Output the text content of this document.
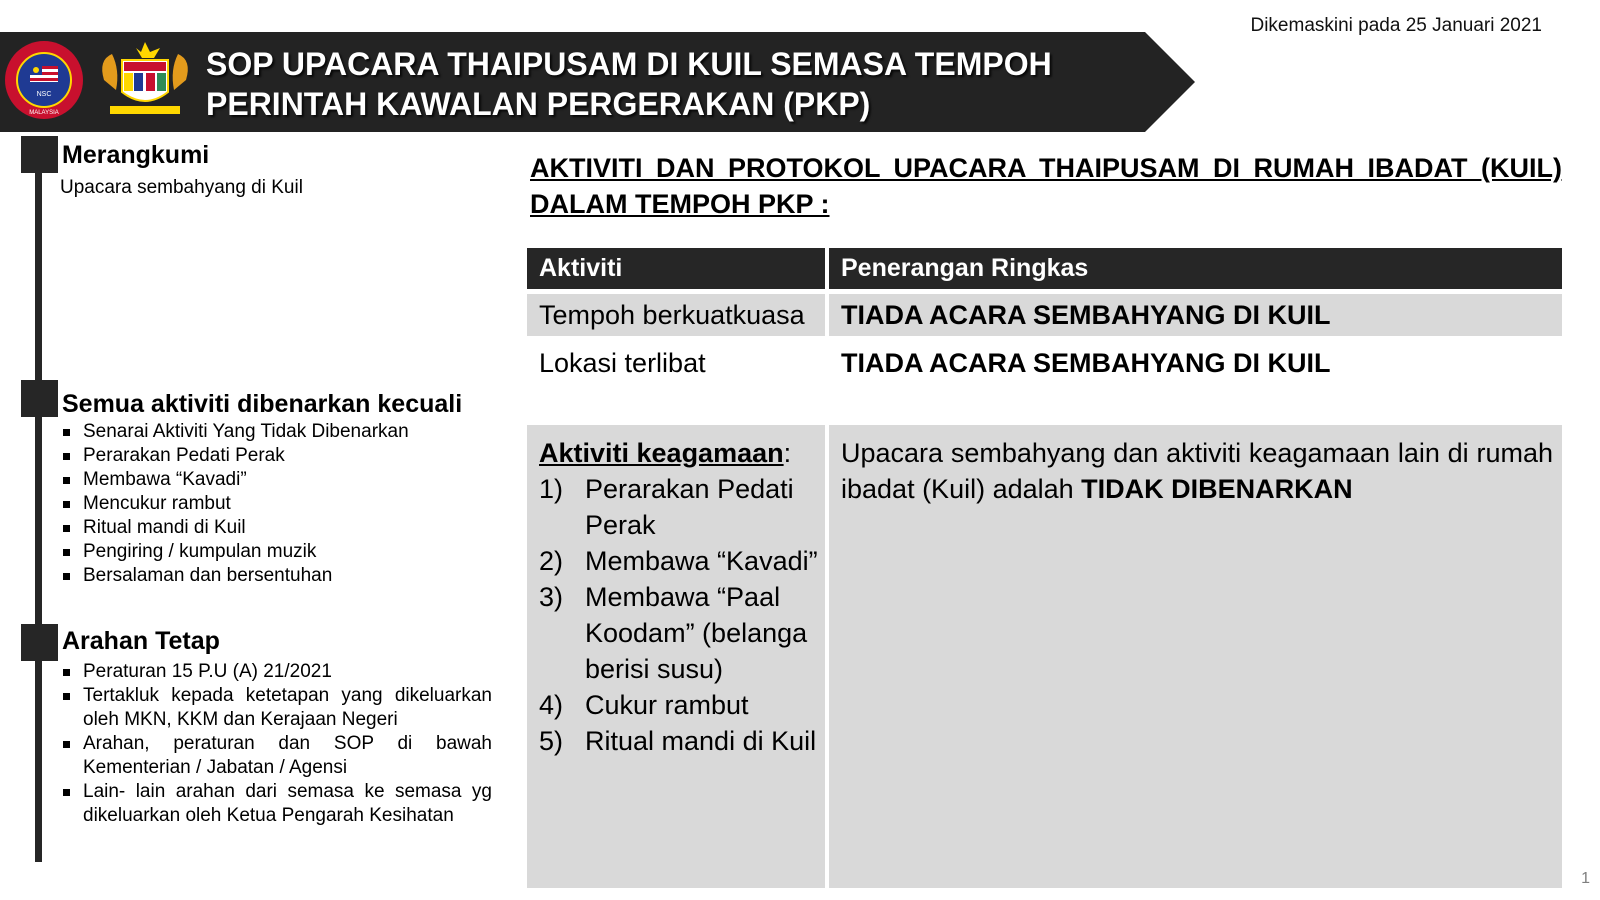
Dikemaskini pada 25 Januari 2021
NSC
MALAYSIA
SOP UPACARA THAIPUSAM DI KUIL SEMASA TEMPOH
PERINTAH KAWALAN PERGERAKAN (PKP)
Merangkumi
Upacara sembahyang di Kuil
Semua aktiviti dibenarkan kecuali
Senarai Aktiviti Yang Tidak Dibenarkan
Perarakan Pedati Perak
Membawa “Kavadi”
Mencukur rambut
Ritual mandi di Kuil
Pengiring / kumpulan muzik
Bersalaman dan bersentuhan
Arahan Tetap
Peraturan 15 P.U (A) 21/2021
Tertakluk kepada ketetapan yang dikeluarkan oleh MKN, KKM dan Kerajaan Negeri
Arahan, peraturan dan SOP di bawah Kementerian / Jabatan / Agensi
Lain- lain arahan dari semasa ke semasa yg dikeluarkan oleh Ketua Pengarah Kesihatan
AKTIVITI DAN PROTOKOL UPACARA THAIPUSAM DI RUMAH IBADAT (KUIL) DALAM TEMPOH PKP :
Aktiviti	Penerangan Ringkas
Tempoh berkuatkuasa TIADA ACARA SEMBAHYANG DI KUIL
Lokasi terlibat	TIADA ACARA SEMBAHYANG DI KUIL
Aktiviti keagamaan:
1) Perarakan Pedati Perak
2) Membawa “Kavadi”
3) Membawa “Paal Koodam” (belanga berisi susu)
4) Cukur rambut
5) Ritual mandi di Kuil
Upacara sembahyang dan aktiviti keagamaan lain di rumah ibadat (Kuil) adalah TIDAK DIBENARKAN
1
